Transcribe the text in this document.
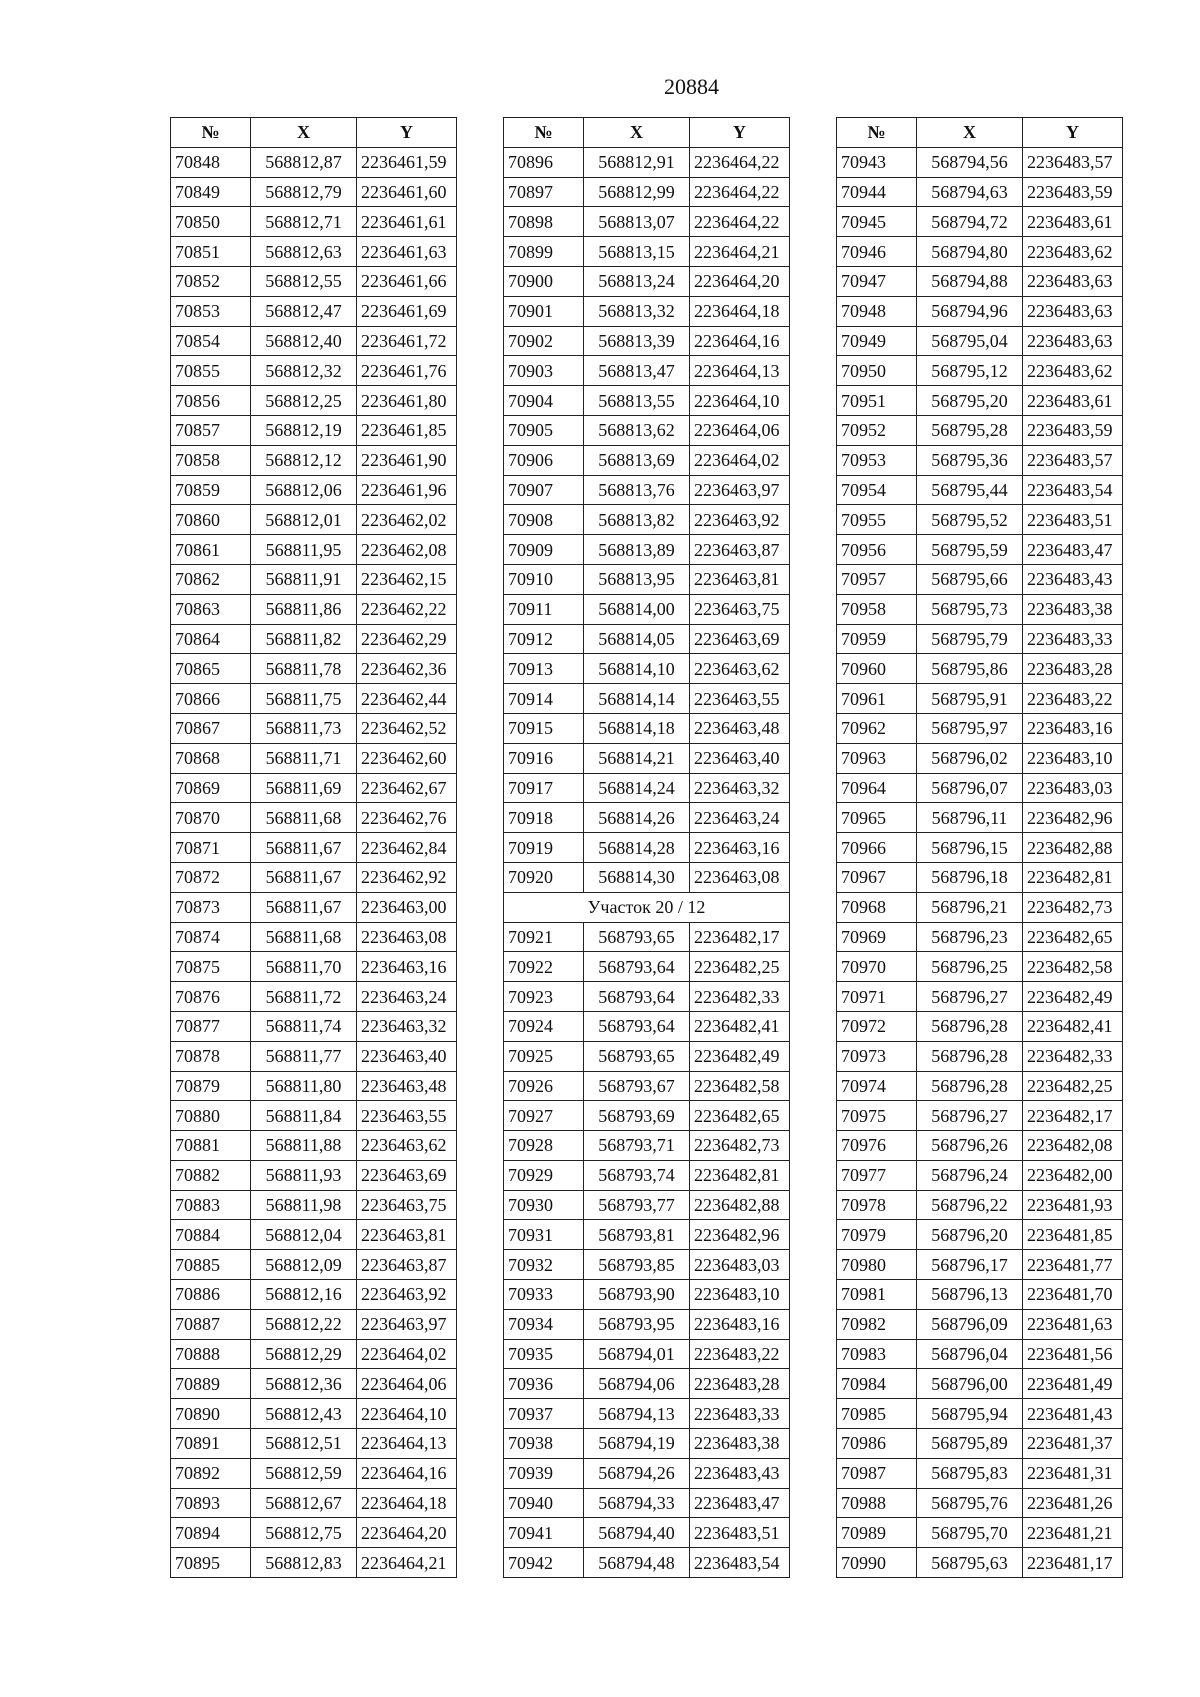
20884
№	X	Y
70848	568812,87	2236461,59
70849	568812,79	2236461,60
70850	568812,71	2236461,61
70851	568812,63	2236461,63
70852	568812,55	2236461,66
70853	568812,47	2236461,69
70854	568812,40	2236461,72
70855	568812,32	2236461,76
70856	568812,25	2236461,80
70857	568812,19	2236461,85
70858	568812,12	2236461,90
70859	568812,06	2236461,96
70860	568812,01	2236462,02
70861	568811,95	2236462,08
70862	568811,91	2236462,15
70863	568811,86	2236462,22
70864	568811,82	2236462,29
70865	568811,78	2236462,36
70866	568811,75	2236462,44
70867	568811,73	2236462,52
70868	568811,71	2236462,60
70869	568811,69	2236462,67
70870	568811,68	2236462,76
70871	568811,67	2236462,84
70872	568811,67	2236462,92
70873	568811,67	2236463,00
70874	568811,68	2236463,08
70875	568811,70	2236463,16
70876	568811,72	2236463,24
70877	568811,74	2236463,32
70878	568811,77	2236463,40
70879	568811,80	2236463,48
70880	568811,84	2236463,55
70881	568811,88	2236463,62
70882	568811,93	2236463,69
70883	568811,98	2236463,75
70884	568812,04	2236463,81
70885	568812,09	2236463,87
70886	568812,16	2236463,92
70887	568812,22	2236463,97
70888	568812,29	2236464,02
70889	568812,36	2236464,06
70890	568812,43	2236464,10
70891	568812,51	2236464,13
70892	568812,59	2236464,16
70893	568812,67	2236464,18
70894	568812,75	2236464,20
70895	568812,83	2236464,21
№	X	Y
70896	568812,91	2236464,22
70897	568812,99	2236464,22
70898	568813,07	2236464,22
70899	568813,15	2236464,21
70900	568813,24	2236464,20
70901	568813,32	2236464,18
70902	568813,39	2236464,16
70903	568813,47	2236464,13
70904	568813,55	2236464,10
70905	568813,62	2236464,06
70906	568813,69	2236464,02
70907	568813,76	2236463,97
70908	568813,82	2236463,92
70909	568813,89	2236463,87
70910	568813,95	2236463,81
70911	568814,00	2236463,75
70912	568814,05	2236463,69
70913	568814,10	2236463,62
70914	568814,14	2236463,55
70915	568814,18	2236463,48
70916	568814,21	2236463,40
70917	568814,24	2236463,32
70918	568814,26	2236463,24
70919	568814,28	2236463,16
70920	568814,30	2236463,08
Участок 20 / 12		
70921	568793,65	2236482,17
70922	568793,64	2236482,25
70923	568793,64	2236482,33
70924	568793,64	2236482,41
70925	568793,65	2236482,49
70926	568793,67	2236482,58
70927	568793,69	2236482,65
70928	568793,71	2236482,73
70929	568793,74	2236482,81
70930	568793,77	2236482,88
70931	568793,81	2236482,96
70932	568793,85	2236483,03
70933	568793,90	2236483,10
70934	568793,95	2236483,16
70935	568794,01	2236483,22
70936	568794,06	2236483,28
70937	568794,13	2236483,33
70938	568794,19	2236483,38
70939	568794,26	2236483,43
70940	568794,33	2236483,47
70941	568794,40	2236483,51
70942	568794,48	2236483,54
№	X	Y
70943	568794,56	2236483,57
70944	568794,63	2236483,59
70945	568794,72	2236483,61
70946	568794,80	2236483,62
70947	568794,88	2236483,63
70948	568794,96	2236483,63
70949	568795,04	2236483,63
70950	568795,12	2236483,62
70951	568795,20	2236483,61
70952	568795,28	2236483,59
70953	568795,36	2236483,57
70954	568795,44	2236483,54
70955	568795,52	2236483,51
70956	568795,59	2236483,47
70957	568795,66	2236483,43
70958	568795,73	2236483,38
70959	568795,79	2236483,33
70960	568795,86	2236483,28
70961	568795,91	2236483,22
70962	568795,97	2236483,16
70963	568796,02	2236483,10
70964	568796,07	2236483,03
70965	568796,11	2236482,96
70966	568796,15	2236482,88
70967	568796,18	2236482,81
70968	568796,21	2236482,73
70969	568796,23	2236482,65
70970	568796,25	2236482,58
70971	568796,27	2236482,49
70972	568796,28	2236482,41
70973	568796,28	2236482,33
70974	568796,28	2236482,25
70975	568796,27	2236482,17
70976	568796,26	2236482,08
70977	568796,24	2236482,00
70978	568796,22	2236481,93
70979	568796,20	2236481,85
70980	568796,17	2236481,77
70981	568796,13	2236481,70
70982	568796,09	2236481,63
70983	568796,04	2236481,56
70984	568796,00	2236481,49
70985	568795,94	2236481,43
70986	568795,89	2236481,37
70987	568795,83	2236481,31
70988	568795,76	2236481,26
70989	568795,70	2236481,21
70990	568795,63	2236481,17
